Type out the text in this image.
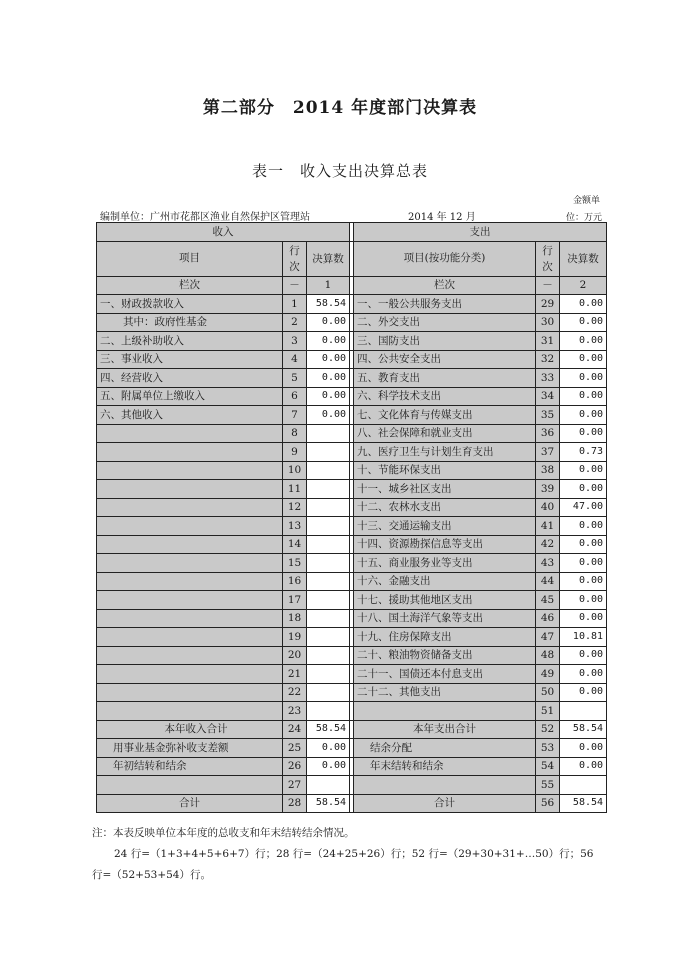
第二部分　2014 年度部门决算表
表一　收入支出决算总表
金额单
编制单位：广州市花都区渔业自然保护区管理站	2014 年 12 月	位：万元
收入				支出		
项目	行次	决算数		项目(按功能分类)	行次	决算数
栏次	－	1		栏次	－	2
一、财政拨款收入	1	58.54		一、一般公共服务支出	29	0.00
其中：政府性基金	2	0.00		二、外交支出	30	0.00
二、上级补助收入	3	0.00		三、国防支出	31	0.00
三、事业收入	4	0.00		四、公共安全支出	32	0.00
四、经营收入	5	0.00		五、教育支出	33	0.00
五、附属单位上缴收入	6	0.00		六、科学技术支出	34	0.00
六、其他收入	7	0.00		七、文化体育与传媒支出	35	0.00
	8			八、社会保障和就业支出	36	0.00
	9			九、医疗卫生与计划生育支出	37	0.73
	10			十、节能环保支出	38	0.00
	11			十一、城乡社区支出	39	0.00
	12			十二、农林水支出	40	47.00
	13			十三、交通运输支出	41	0.00
	14			十四、资源勘探信息等支出	42	0.00
	15			十五、商业服务业等支出	43	0.00
	16			十六、金融支出	44	0.00
	17			十七、援助其他地区支出	45	0.00
	18			十八、国土海洋气象等支出	46	0.00
	19			十九、住房保障支出	47	10.81
	20			二十、粮油物资储备支出	48	0.00
	21			二十一、国债还本付息支出	49	0.00
	22			二十二、其他支出	50	0.00
	23				51	
本年收入合计	24	58.54		本年支出合计	52	58.54
用事业基金弥补收支差额	25	0.00		结余分配	53	0.00
年初结转和结余	26	0.00		年末结转和结余	54	0.00
	27				55	
合计	28	58.54		合计	56	58.54
注：本表反映单位本年度的总收支和年末结转结余情况。
24 行=（1+3+4+5+6+7）行；28 行=（24+25+26）行；52 行=（29+30+31+…50）行；56
行=（52+53+54）行。
